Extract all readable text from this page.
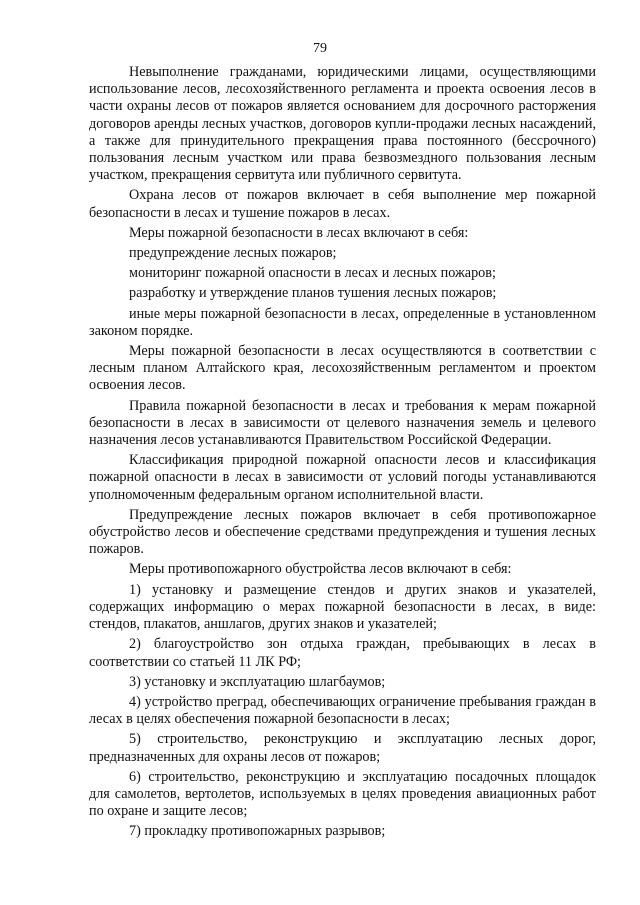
79

Невыполнение гражданами, юридическими лицами, осуществляющими использование лесов, лесохозяйственного регламента и проекта освоения лесов в части охраны лесов от пожаров является основанием для досрочного расторжения договоров аренды лесных участков, договоров купли-продажи лесных насаждений, а также для принудительного прекращения права постоянного (бессрочного) пользования лесным участком или права безвозмездного пользования лесным участком, прекращения сервитута или публичного сервитута.

Охрана лесов от пожаров включает в себя выполнение мер пожарной безопасности в лесах и тушение пожаров в лесах.

Меры пожарной безопасности в лесах включают в себя:

предупреждение лесных пожаров;

мониторинг пожарной опасности в лесах и лесных пожаров;

разработку и утверждение планов тушения лесных пожаров;

иные меры пожарной безопасности в лесах, определенные в установленном законом порядке.

Меры пожарной безопасности в лесах осуществляются в соответствии с лесным планом Алтайского края, лесохозяйственным регламентом и проектом освоения лесов.

Правила пожарной безопасности в лесах и требования к мерам пожарной безопасности в лесах в зависимости от целевого назначения земель и целевого назначения лесов устанавливаются Правительством Российской Федерации.

Классификация природной пожарной опасности лесов и классификация пожарной опасности в лесах в зависимости от условий погоды устанавливаются уполномоченным федеральным органом исполнительной власти.

Предупреждение лесных пожаров включает в себя противопожарное обустройство лесов и обеспечение средствами предупреждения и тушения лесных пожаров.

Меры противопожарного обустройства лесов включают в себя:

1) установку и размещение стендов и других знаков и указателей, содержащих информацию о мерах пожарной безопасности в лесах, в виде: стендов, плакатов, аншлагов, других знаков и указателей;

2) благоустройство зон отдыха граждан, пребывающих в лесах в соответствии со статьей 11 ЛК РФ;

3) установку и эксплуатацию шлагбаумов;

4) устройство преград, обеспечивающих ограничение пребывания граждан в лесах в целях обеспечения пожарной безопасности в лесах;

5) строительство, реконструкцию и эксплуатацию лесных дорог, предназначенных для охраны лесов от пожаров;

6) строительство, реконструкцию и эксплуатацию посадочных площадок для самолетов, вертолетов, используемых в целях проведения авиационных работ по охране и защите лесов;

7) прокладку противопожарных разрывов;
